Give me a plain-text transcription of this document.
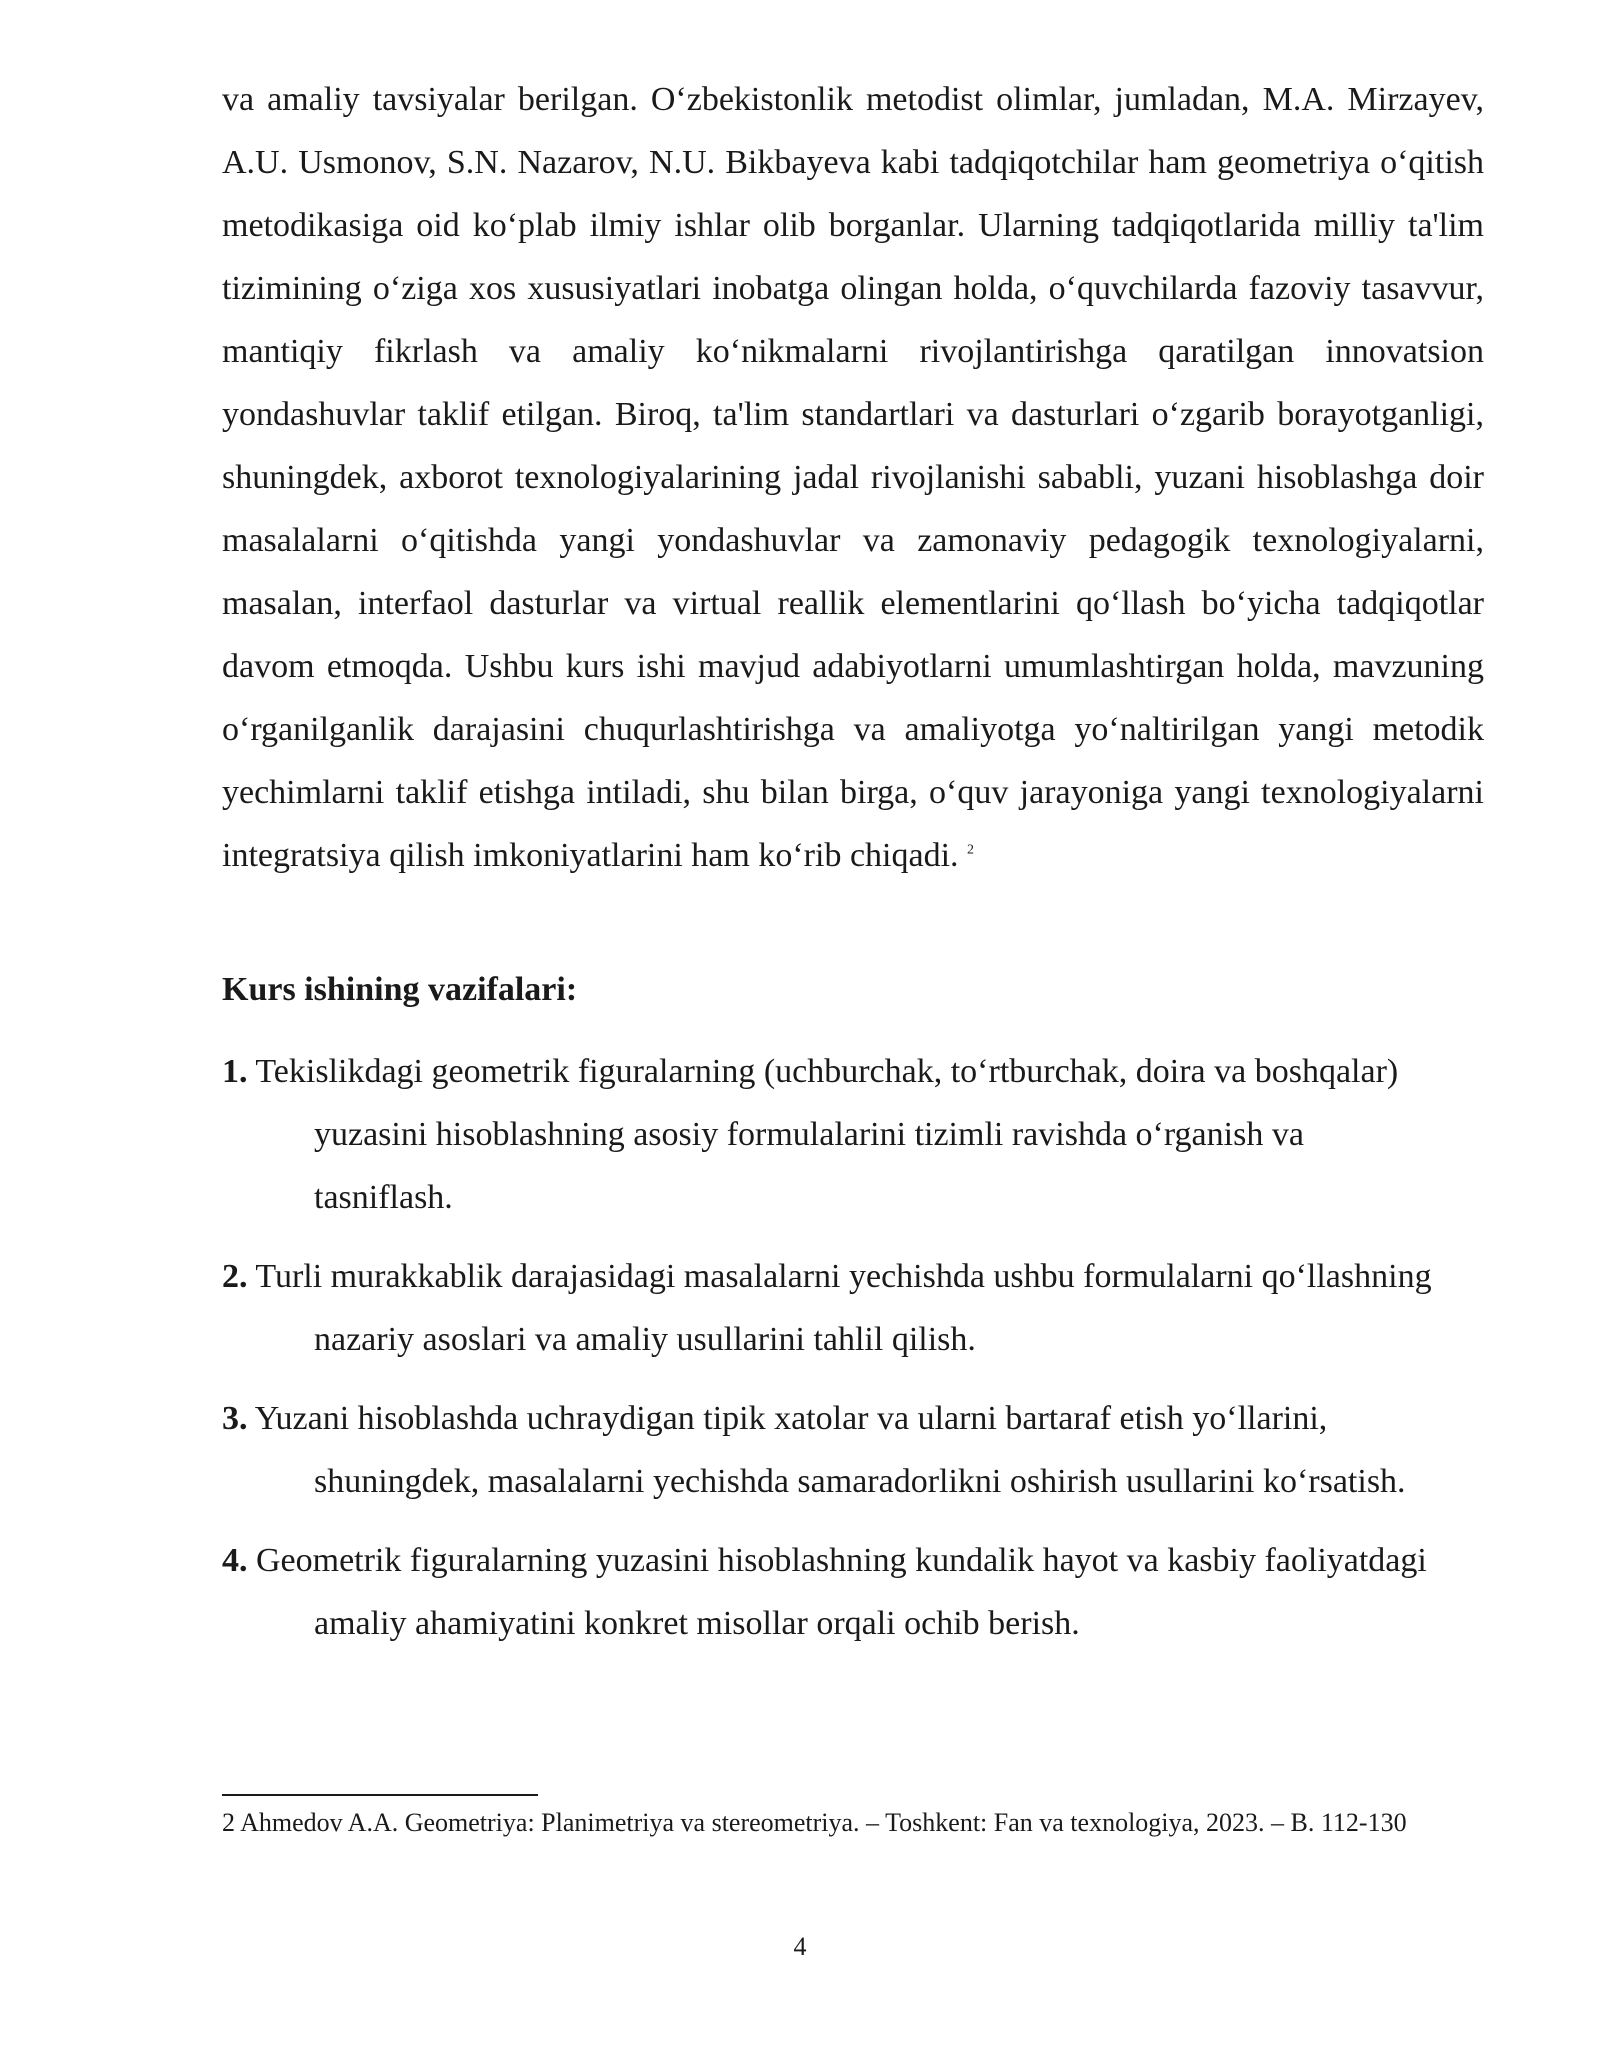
va amaliy tavsiyalar berilgan. O‘zbekistonlik metodist olimlar, jumladan, M.A. Mirzayev, A.U. Usmonov, S.N. Nazarov, N.U. Bikbayeva kabi tadqiqotchilar ham geometriya o‘qitish metodikasiga oid ko‘plab ilmiy ishlar olib borganlar. Ularning tadqiqotlarida milliy ta'lim tizimining o‘ziga xos xususiyatlari inobatga olingan holda, o‘quvchilarda fazoviy tasavvur, mantiqiy fikrlash va amaliy ko‘nikmalarni rivojlantirishga qaratilgan innovatsion yondashuvlar taklif etilgan. Biroq, ta'lim standartlari va dasturlari o‘zgarib borayotganligi, shuningdek, axborot texnologiyalarining jadal rivojlanishi sababli, yuzani hisoblashga doir masalalarni o‘qitishda yangi yondashuvlar va zamonaviy pedagogik texnologiyalarni, masalan, interfaol dasturlar va virtual reallik elementlarini qo‘llash bo‘yicha tadqiqotlar davom etmoqda. Ushbu kurs ishi mavjud adabiyotlarni umumlashtirgan holda, mavzuning o‘rganilganlik darajasini chuqurlashtirishga va amaliyotga yo‘naltirilgan yangi metodik yechimlarni taklif etishga intiladi, shu bilan birga, o‘quv jarayoniga yangi texnologiyalarni integratsiya qilish imkoniyatlarini ham ko‘rib chiqadi. $^2$

Kurs ishining vazifalari:
1. Tekislikdagi geometrik figuralarning (uchburchak, to‘rtburchak, doira va boshqalar) yuzasini hisoblashning asosiy formulalarini tizimli ravishda o‘rganish va tasniflash.
2. Turli murakkablik darajasidagi masalalarni yechishda ushbu formulalarni qo‘llashning nazariy asoslari va amaliy usullarini tahlil qilish.
3. Yuzani hisoblashda uchraydigan tipik xatolar va ularni bartaraf etish yo‘llarini, shuningdek, masalalarni yechishda samaradorlikni oshirish usullarini ko‘rsatish.
4. Geometrik figuralarning yuzasini hisoblashning kundalik hayot va kasbiy faoliyatdagi amaliy ahamiyatini konkret misollar orqali ochib berish.

2 Ahmedov A.A. Geometriya: Planimetriya va stereometriya. – Toshkent: Fan va texnologiya, 2023. – B. 112-130

4
